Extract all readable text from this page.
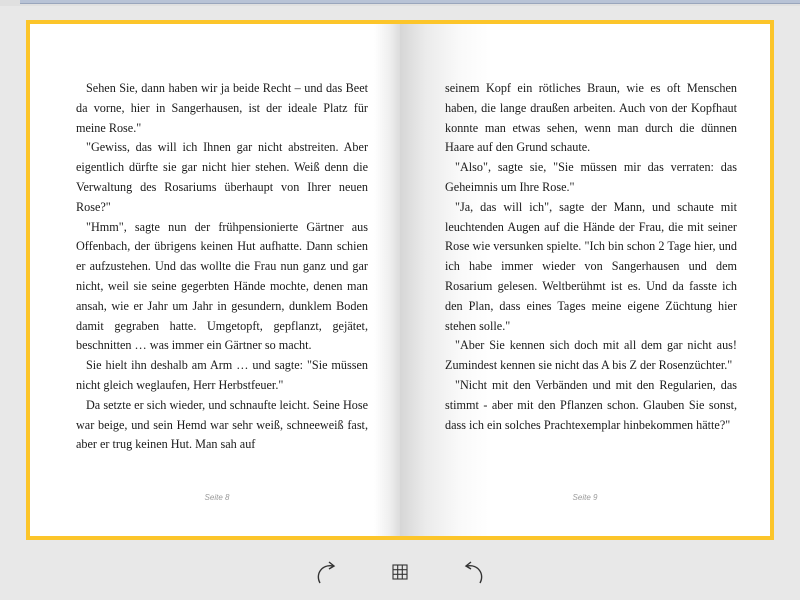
Sehen Sie, dann haben wir ja beide Recht – und das Beet da vorne, hier in Sangerhausen, ist der ideale Platz für meine Rose."

"Gewiss, das will ich Ihnen gar nicht abstreiten. Aber eigentlich dürfte sie gar nicht hier stehen. Weiß denn die Verwaltung des Rosariums überhaupt von Ihrer neuen Rose?"

"Hmm", sagte nun der frühpensionierte Gärtner aus Offenbach, der übrigens keinen Hut aufhatte. Dann schien er aufzustehen. Und das wollte die Frau nun ganz und gar nicht, weil sie seine gegerbten Hände mochte, denen man ansah, wie er Jahr um Jahr in gesundern, dunklem Boden damit gegraben hatte. Umgetopft, gepflanzt, gejätet, beschnitten … was immer ein Gärtner so macht.

Sie hielt ihn deshalb am Arm … und sagte: "Sie müssen nicht gleich weglaufen, Herr Herbstfeuer."

Da setzte er sich wieder, und schnaufte leicht. Seine Hose war beige, und sein Hemd war sehr weiß, schneeweiß fast, aber er trug keinen Hut. Man sah auf

Seite 8

seinem Kopf ein rötliches Braun, wie es oft Menschen haben, die lange draußen arbeiten. Auch von der Kopfhaut konnte man etwas sehen, wenn man durch die dünnen Haare auf den Grund schaute.

"Also", sagte sie, "Sie müssen mir das verraten: das Geheimnis um Ihre Rose."

"Ja, das will ich", sagte der Mann, und schaute mit leuchtenden Augen auf die Hände der Frau, die mit seiner Rose wie versunken spielte. "Ich bin schon 2 Tage hier, und ich habe immer wieder von Sangerhausen und dem Rosarium gelesen. Weltberühmt ist es. Und da fasste ich den Plan, dass eines Tages meine eigene Züchtung hier stehen solle."

"Aber Sie kennen sich doch mit all dem gar nicht aus! Zumindest kennen sie nicht das A bis Z der Rosenzüchter."

"Nicht mit den Verbänden und mit den Regularien, das stimmt - aber mit den Pflanzen schon. Glauben Sie sonst, dass ich ein solches Prachtexemplar hinbekommen hätte?"

Seite 9
